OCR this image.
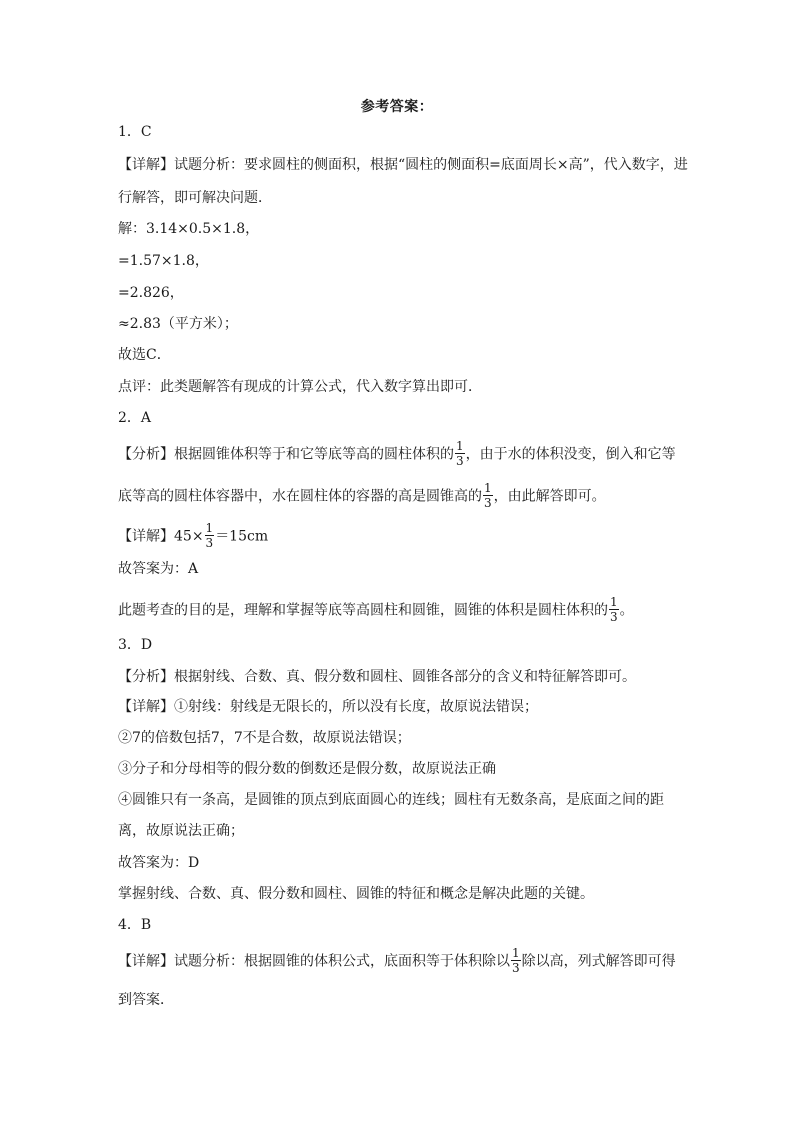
参考答案：
1．C
【详解】试题分析：要求圆柱的侧面积，根据“圆柱的侧面积=底面周长×高”，代入数字，进
行解答，即可解决问题．
解：3.14×0.5×1.8，
=1.57×1.8，
=2.826，
≈2.83（平方米）；
故选C．
点评：此类题解答有现成的计算公式，代入数字算出即可．
2．A
【分析】根据圆锥体积等于和它等底等高的圆柱体积的 $\frac{1}{3}$ ，由于水的体积没变，倒入和它等
底等高的圆柱体容器中，水在圆柱体的容器的高是圆锥高的 $\frac{1}{3}$ ，由此解答即可。
【详解】$45\times \frac{1}{3} =15cm$
故答案为：A
此题考查的目的是，理解和掌握等底等高圆柱和圆锥，圆锥的体积是圆柱体积的 $\frac{1}{3}$ 。
3．D
【分析】根据射线、合数、真、假分数和圆柱、圆锥各部分的含义和特征解答即可。
【详解】①射线：射线是无限长的，所以没有长度，故原说法错误；
②7的倍数包括7，7不是合数，故原说法错误；
③分子和分母相等的假分数的倒数还是假分数，故原说法正确
④圆锥只有一条高，是圆锥的顶点到底面圆心的连线；圆柱有无数条高，是底面之间的距
离，故原说法正确；
故答案为：D
掌握射线、合数、真、假分数和圆柱、圆锥的特征和概念是解决此题的关键。
4．B
【详解】试题分析：根据圆锥的体积公式，底面积等于体积除以 $\frac{1}{3}$ 除以高，列式解答即可得
到答案．
